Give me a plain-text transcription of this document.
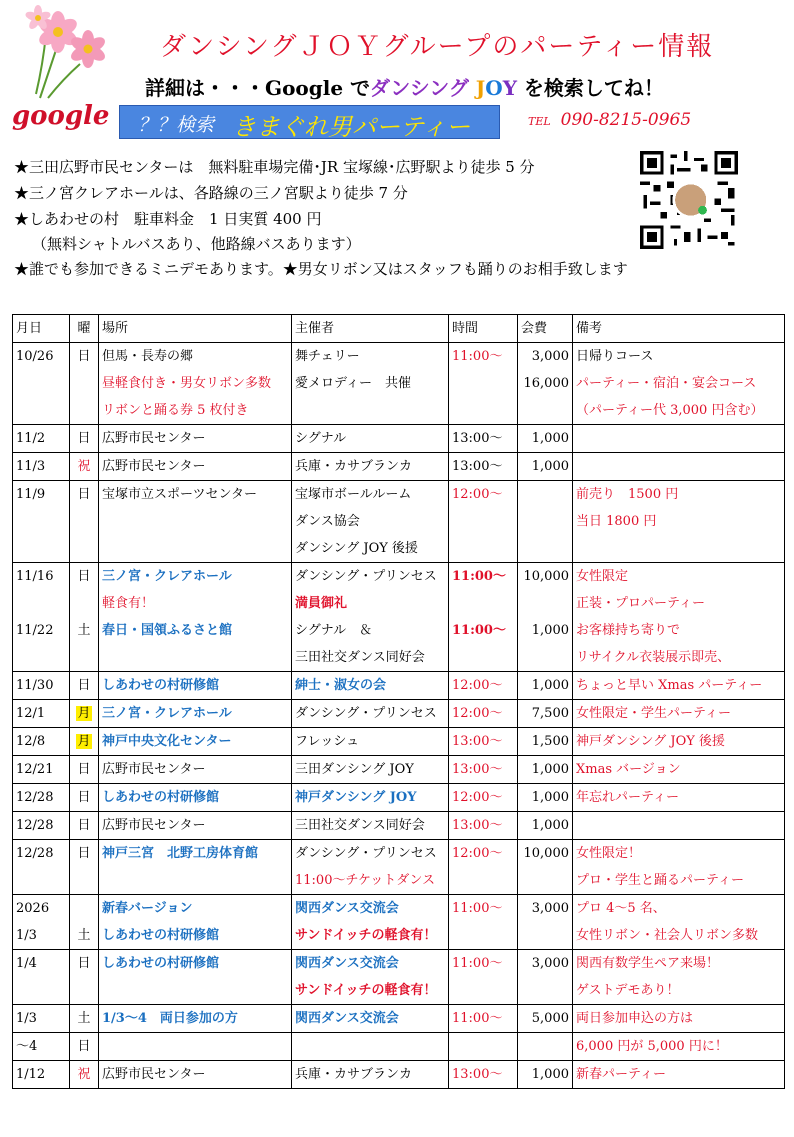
ダンシングＪＯＹグループのパーティー情報
詳細は・・・Google でダンシング JOY を検索してね！
google ？？検索 きまぐれ男パーティー	TEL 090-8215-0965
★三田広野市民センターは　無料駐車場完備･JR 宝塚線･広野駅より徒歩 5 分
★三ノ宮クレアホールは、各路線の三ノ宮駅より徒歩 7 分
★しあわせの村　駐車料金　1 日実質 400 円
（無料シャトルバスあり、他路線バスあります）
★誰でも参加できるミニデモあります。★男女リボン又はスタッフも踊りのお相手致します
月日	曜	場所	主催者	時間	会費	備考
10/26	日	但馬・長寿の郷	舞チェリー	11:00～	3,000	日帰りコース
		昼軽食付き・男女リボン多数	愛メロディー　共催		16,000	パーティー・宿泊・宴会コース
		リボンと踊る券 5 枚付き				（パーティー代 3,000 円含む）
11/2	日	広野市民センター	シグナル	13:00～	1,000	
11/3	祝	広野市民センター	兵庫・カサブランカ	13:00～	1,000	
11/9	日	宝塚市立スポーツセンター	宝塚市ボールルーム	12:00～		前売り　1500 円
			ダンス協会			当日 1800 円
			ダンシング JOY 後援			
11/16	日	三ノ宮・クレアホール	ダンシング・プリンセス	11:00～	10,000	女性限定
		軽食有！	満員御礼			正装・プロパーティー
11/22	土	春日・国領ふるさと館	シグナル　＆	11:00～	1,000	お客様持ち寄りで
			三田社交ダンス同好会			リサイクル衣装展示即売、
11/30	日	しあわせの村研修館	紳士・淑女の会	12:00～	1,000	ちょっと早い Xmas パーティー
12/1	月	三ノ宮・クレアホール	ダンシング・プリンセス	12:00～	7,500	女性限定・学生パーティー
12/8	月	神戸中央文化センター	フレッシュ	13:00～	1,500	神戸ダンシング JOY 後援
12/21	日	広野市民センター	三田ダンシング JOY	13:00～	1,000	Xmas バージョン
12/28	日	しあわせの村研修館	神戸ダンシング JOY	12:00～	1,000	年忘れパーティー
12/28	日	広野市民センター	三田社交ダンス同好会	13:00～	1,000	
12/28	日	神戸三宮　北野工房体育館	ダンシング・プリンセス	12:00～	10,000	女性限定！
			11:00～チケットダンス			プロ・学生と踊るパーティー
2026		新春バージョン	関西ダンス交流会	11:00～	3,000	プロ 4～5 名、
1/3	土	しあわせの村研修館	サンドイッチの軽食有！			女性リボン・社会人リボン多数
1/4	日	しあわせの村研修館	関西ダンス交流会	11:00～	3,000	関西有数学生ペア来場！
			サンドイッチの軽食有！			ゲストデモあり！
1/3	土	1/3～4　両日参加の方	関西ダンス交流会	11:00～	5,000	両日参加申込の方は
～4	日					6,000 円が 5,000 円に！
1/12	祝	広野市民センター	兵庫・カサブランカ	13:00～	1,000	新春パーティー
